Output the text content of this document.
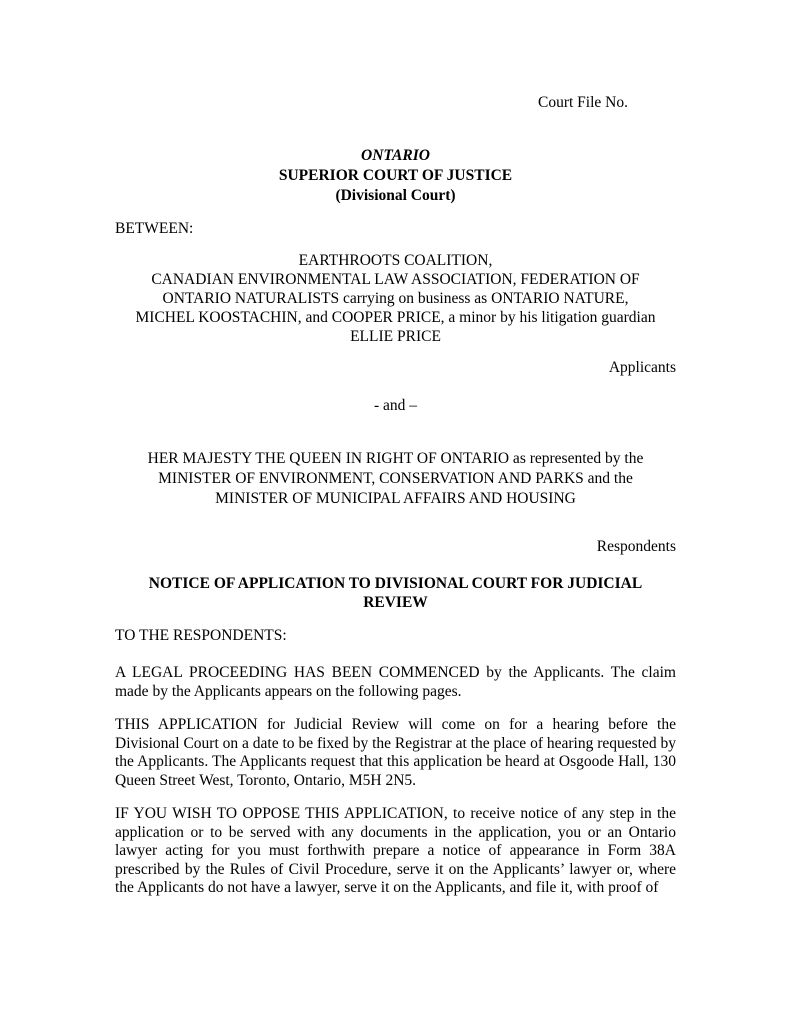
Court File No.
ONTARIO
SUPERIOR COURT OF JUSTICE
(Divisional Court)
BETWEEN:
EARTHROOTS COALITION,
CANADIAN ENVIRONMENTAL LAW ASSOCIATION, FEDERATION OF
ONTARIO NATURALISTS carrying on business as ONTARIO NATURE,
MICHEL KOOSTACHIN, and COOPER PRICE, a minor by his litigation guardian
ELLIE PRICE
Applicants
- and –
HER MAJESTY THE QUEEN IN RIGHT OF ONTARIO as represented by the
MINISTER OF ENVIRONMENT, CONSERVATION AND PARKS and the
MINISTER OF MUNICIPAL AFFAIRS AND HOUSING
Respondents
NOTICE OF APPLICATION TO DIVISIONAL COURT FOR JUDICIAL REVIEW
TO THE RESPONDENTS:

A LEGAL PROCEEDING HAS BEEN COMMENCED by the Applicants. The claim made by the Applicants appears on the following pages.

THIS APPLICATION for Judicial Review will come on for a hearing before the Divisional Court on a date to be fixed by the Registrar at the place of hearing requested by the Applicants. The Applicants request that this application be heard at Osgoode Hall, 130 Queen Street West, Toronto, Ontario, M5H 2N5.

IF YOU WISH TO OPPOSE THIS APPLICATION, to receive notice of any step in the application or to be served with any documents in the application, you or an Ontario lawyer acting for you must forthwith prepare a notice of appearance in Form 38A prescribed by the Rules of Civil Procedure, serve it on the Applicants’ lawyer or, where the Applicants do not have a lawyer, serve it on the Applicants, and file it, with proof of
